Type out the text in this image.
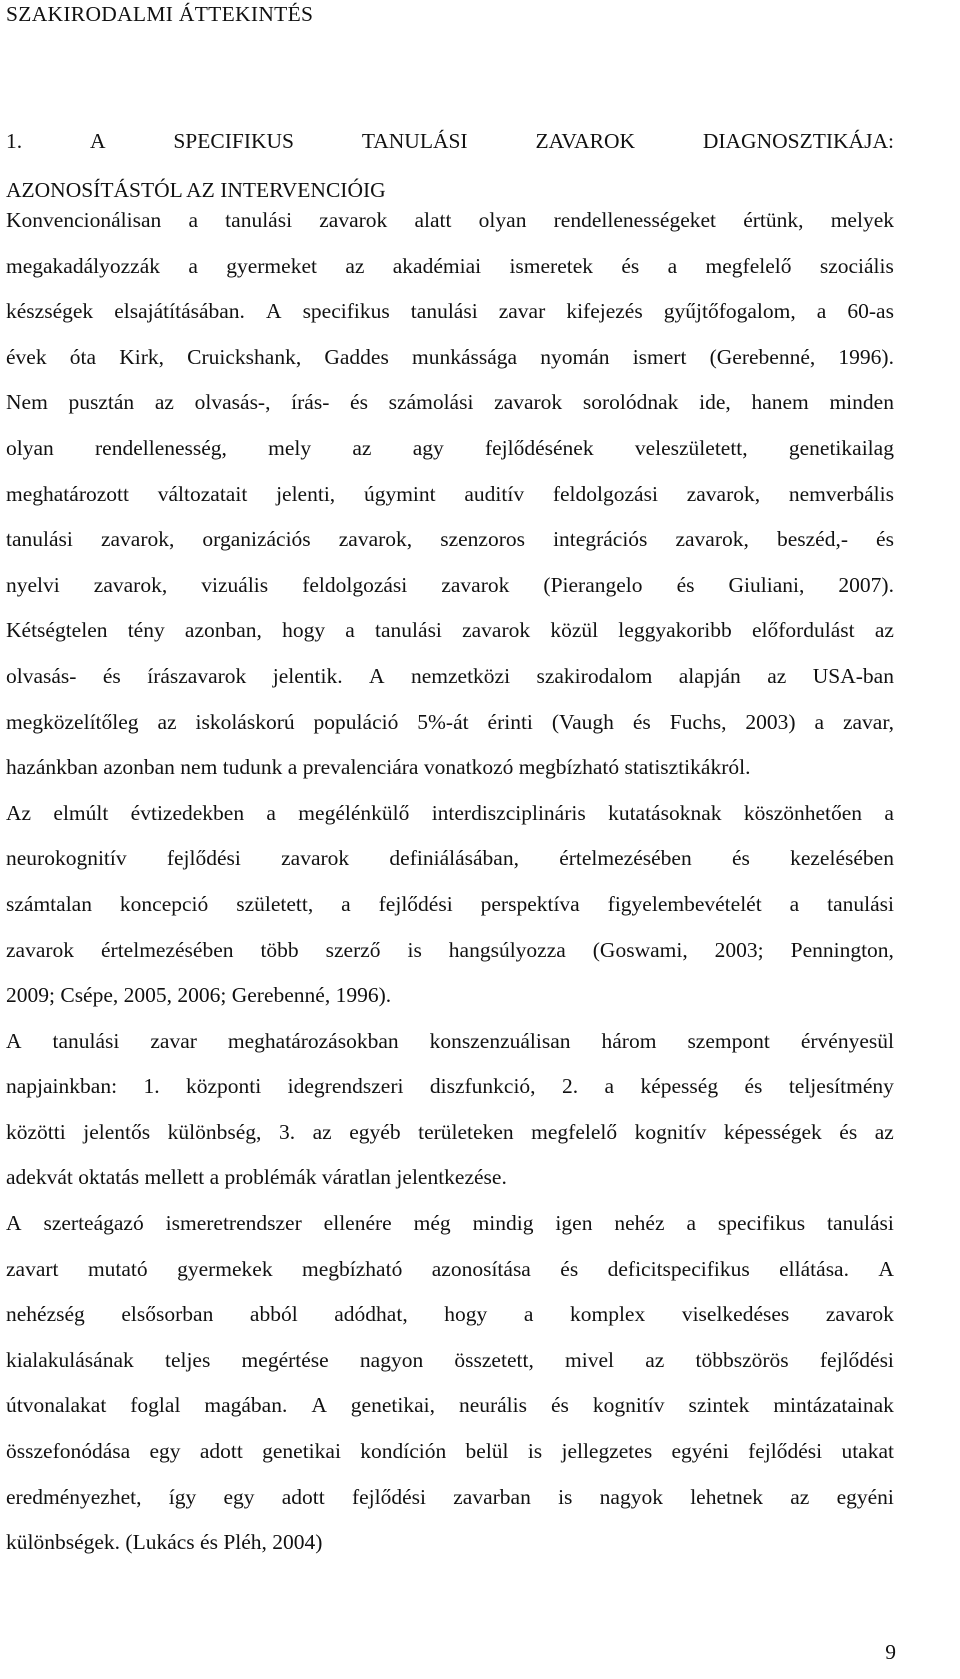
SZAKIRODALMI ÁTTEKINTÉS
1.	A	SPECIFIKUS	TANULÁSI	ZAVAROK	DIAGNOSZTIKÁJA:
AZONOSÍTÁSTÓL AZ INTERVENCIÓIG
Konvencionálisan a tanulási zavarok alatt olyan rendellenességeket értünk, melyek
megakadályozzák a gyermeket az akadémiai ismeretek és a megfelelő szociális
készségek elsajátításában. A specifikus tanulási zavar kifejezés gyűjtőfogalom, a 60-as
évek óta Kirk, Cruickshank, Gaddes munkássága nyomán ismert (Gerebenné, 1996).
Nem pusztán az olvasás-, írás- és számolási zavarok sorolódnak ide, hanem minden
olyan rendellenesség, mely az agy fejlődésének veleszületett, genetikailag
meghatározott változatait jelenti, úgymint auditív feldolgozási zavarok, nemverbális
tanulási zavarok, organizációs zavarok, szenzoros integrációs zavarok, beszéd,- és
nyelvi zavarok, vizuális feldolgozási zavarok (Pierangelo és Giuliani, 2007).
Kétségtelen tény azonban, hogy a tanulási zavarok közül leggyakoribb előfordulást az
olvasás- és írászavarok jelentik. A nemzetközi szakirodalom alapján az USA-ban
megközelítőleg az iskoláskorú populáció 5%-át érinti (Vaugh és Fuchs, 2003) a zavar,
hazánkban azonban nem tudunk a prevalenciára vonatkozó megbízható statisztikákról.
Az elmúlt évtizedekben a megélénkülő interdiszciplináris kutatásoknak köszönhetően a
neurokognitív fejlődési zavarok definiálásában, értelmezésében és kezelésében
számtalan koncepció született, a fejlődési perspektíva figyelembevételét a tanulási
zavarok értelmezésében több szerző is hangsúlyozza (Goswami, 2003; Pennington,
2009; Csépe, 2005, 2006; Gerebenné, 1996).
A tanulási zavar meghatározásokban konszenzuálisan három szempont érvényesül
napjainkban: 1. központi idegrendszeri diszfunkció, 2. a képesség és teljesítmény
közötti jelentős különbség, 3. az egyéb területeken megfelelő kognitív képességek és az
adekvát oktatás mellett a problémák váratlan jelentkezése.
A szerteágazó ismeretrendszer ellenére még mindig igen nehéz a specifikus tanulási
zavart mutató gyermekek megbízható azonosítása és deficitspecifikus ellátása. A
nehézség elsősorban abból adódhat, hogy a komplex viselkedéses zavarok
kialakulásának teljes megértése nagyon összetett, mivel az többszörös fejlődési
útvonalakat foglal magában. A genetikai, neurális és kognitív szintek mintázatainak
összefonódása egy adott genetikai kondíción belül is jellegzetes egyéni fejlődési utakat
eredményezhet, így egy adott fejlődési zavarban is nagyok lehetnek az egyéni
különbségek. (Lukács és Pléh, 2004)

9
